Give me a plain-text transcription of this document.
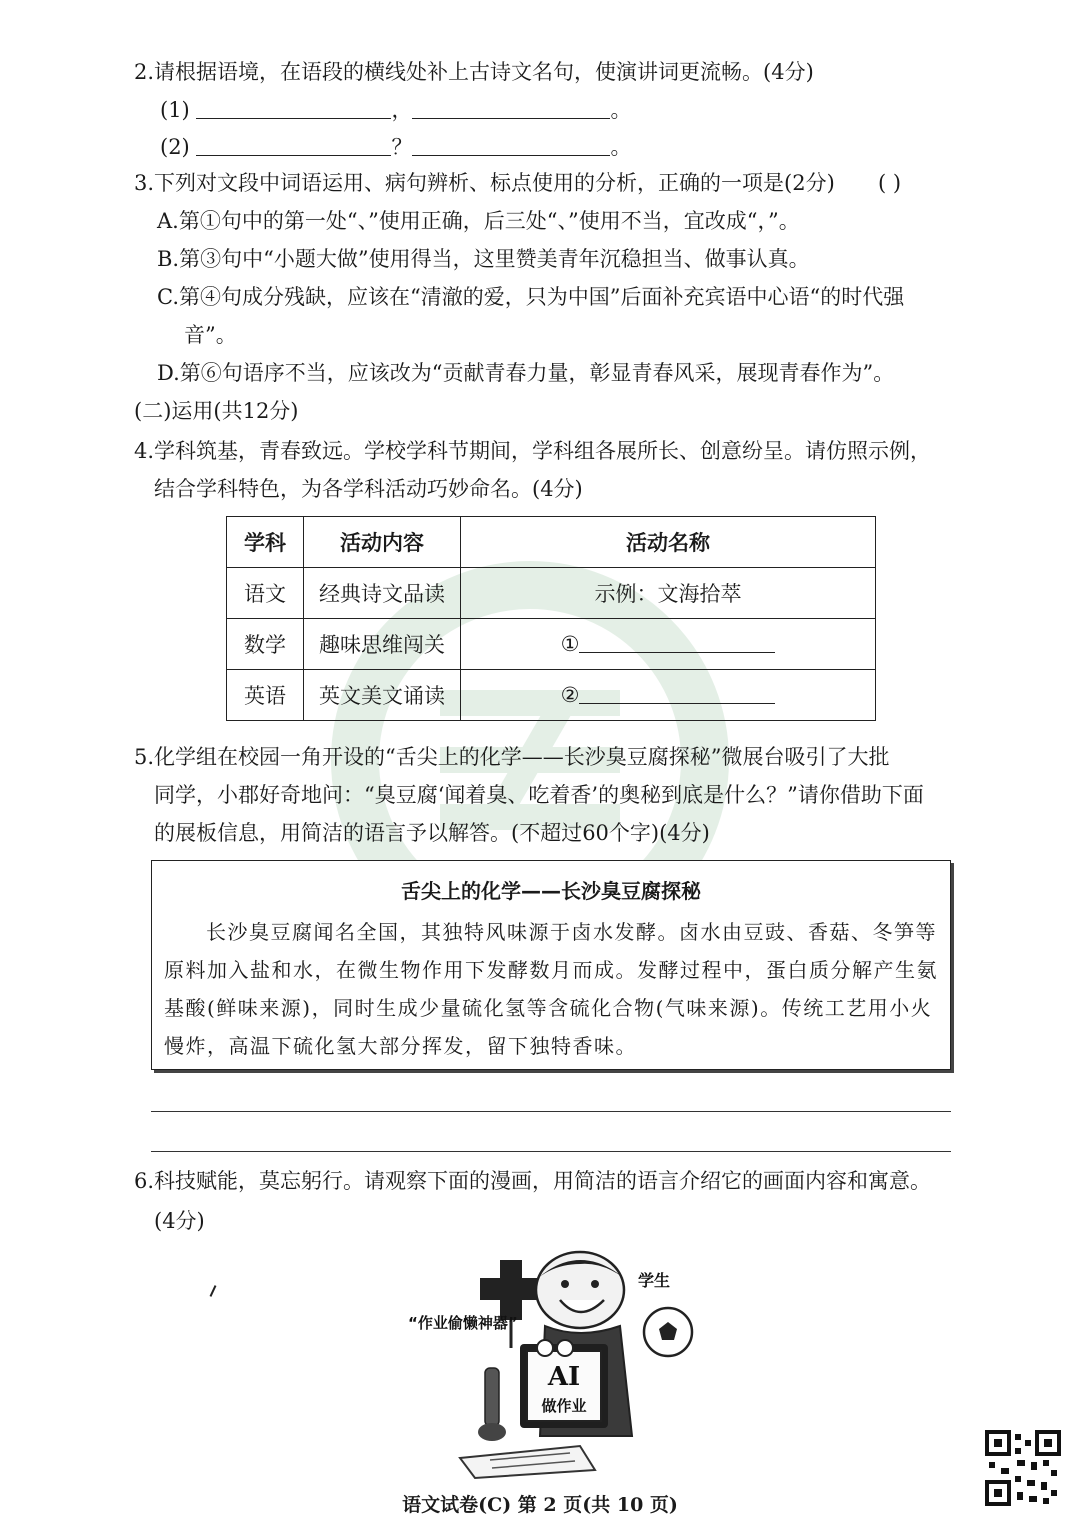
2.请根据语境，在语段的横线处补上古诗文名句，使演讲词更流畅。(4分)
(1)	，	。
(2)	？	。
3.下列对文段中词语运用、病句辨析、标点使用的分析，正确的一项是(2分) ( )
A.第①句中的第一处“、”使用正确，后三处“、”使用不当，宜改成“，”。
B.第③句中“小题大做”使用得当，这里赞美青年沉稳担当、做事认真。
C.第④句成分残缺，应该在“清澈的爱，只为中国”后面补充宾语中心语“的时代强
音”。
D.第⑥句语序不当，应该改为“贡献青春力量，彰显青春风采，展现青春作为”。
(二)运用(共12分)
4.学科筑基，青春致远。学校学科节期间，学科组各展所长、创意纷呈。请仿照示例，
结合学科特色，为各学科活动巧妙命名。(4分)
学科	活动内容	活动名称
语文	经典诗文品读	示例：文海拾萃
数学	趣味思维闯关	①
英语	英文美文诵读	②
5.化学组在校园一角开设的“舌尖上的化学——长沙臭豆腐探秘”微展台吸引了大批
同学，小郡好奇地问：“臭豆腐‘闻着臭、吃着香’的奥秘到底是什么？”请你借助下面
的展板信息，用简洁的语言予以解答。(不超过60个字)(4分)
舌尖上的化学——长沙臭豆腐探秘

长沙臭豆腐闻名全国，其独特风味源于卤水发酵。卤水由豆豉、香菇、冬笋等原料加入盐和水，在微生物作用下发酵数月而成。发酵过程中，蛋白质分解产生氨基酸(鲜味来源)，同时生成少量硫化氢等含硫化合物(气味来源)。传统工艺用小火慢炸，高温下硫化氢大部分挥发，留下独特香味。

6.科技赋能，莫忘躬行。请观察下面的漫画，用简洁的语言介绍它的画面内容和寓意。
(4分)
AI
做作业
学生
“作业偷懒神器”
语文试卷(C) 第 2 页(共 10 页)
